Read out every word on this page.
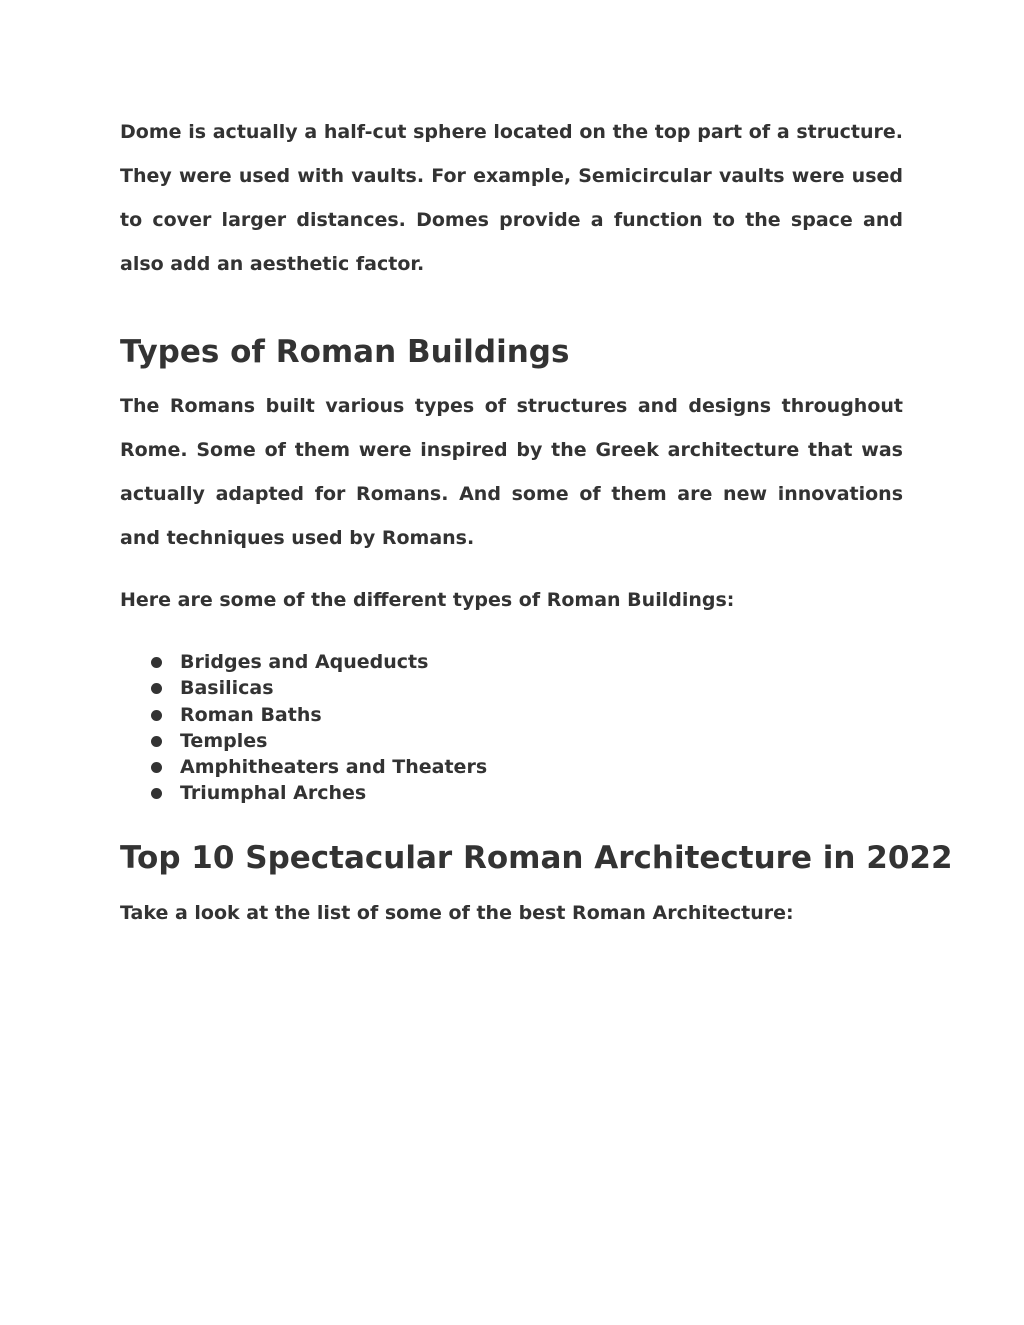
Dome is actually a half-cut sphere located on the top part of a structure. They were used with vaults. For example, Semicircular vaults were used to cover larger distances. Domes provide a function to the space and also add an aesthetic factor.

Types of Roman Buildings

The Romans built various types of structures and designs throughout Rome. Some of them were inspired by the Greek architecture that was actually adapted for Romans. And some of them are new innovations and techniques used by Romans.

Here are some of the different types of Roman Buildings:

Bridges and Aqueducts
Basilicas
Roman Baths
Temples
Amphitheaters and Theaters
Triumphal Arches
Top 10 Spectacular Roman Architecture in 2022

Take a look at the list of some of the best Roman Architecture:
